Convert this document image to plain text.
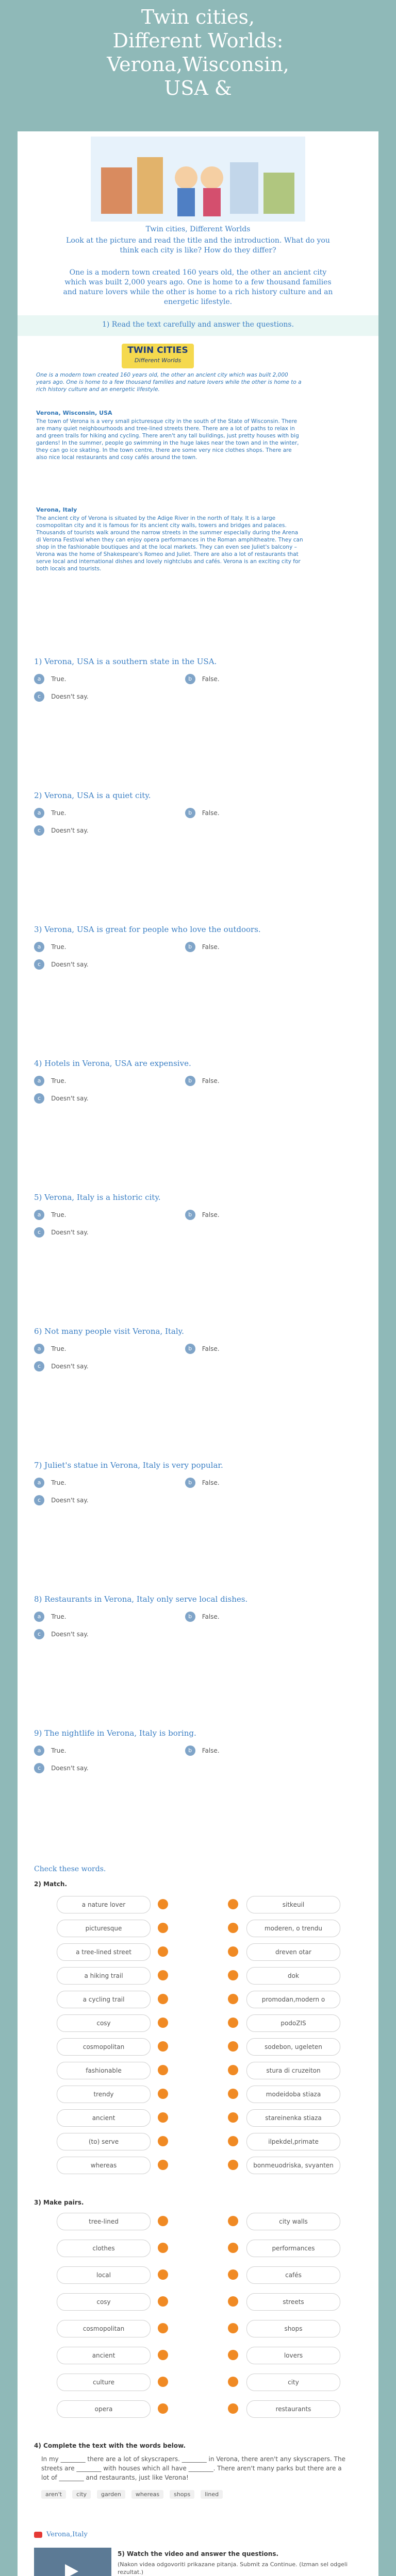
Twin cities,
Different Worlds:
Verona,Wisconsin,
USA &
Twin cities, Different Worlds
Look at the picture and read the title and the introduction. What do you think each city is like? How do they differ?
One is a modern town created 160 years old, the other an ancient city which was built 2,000 years ago. One is home to a few thousand families and nature lovers while the other is home to a rich history culture and an energetic lifestyle.
1) Read the text carefully and answer the questions.
TWIN CITIES
Different Worlds
One is a modern town created 160 years old, the other an ancient city which was built 2,000 years ago. One is home to a few thousand families and nature lovers while the other is home to a rich history culture and an energetic lifestyle.
Verona, Wisconsin, USA
The town of Verona is a very small picturesque city in the south of the State of Wisconsin. There are many quiet neighbourhoods and tree-lined streets there. There are a lot of paths to relax in and green trails for hiking and cycling. There aren't any tall buildings, just pretty houses with big gardens! In the summer, people go swimming in the huge lakes near the town and in the winter, they can go ice skating. In the town centre, there are some very nice clothes shops. There are also nice local restaurants and cosy cafés around the town.
Verona, Italy
The ancient city of Verona is situated by the Adige River in the north of Italy. It is a large cosmopolitan city and it is famous for its ancient city walls, towers and bridges and palaces. Thousands of tourists walk around the narrow streets in the summer especially during the Arena di Verona Festival when they can enjoy opera performances in the Roman amphitheatre. They can shop in the fashionable boutiques and at the local markets. They can even see Juliet's balcony – Verona was the home of Shakespeare's Romeo and Juliet. There are also a lot of restaurants that serve local and international dishes and lovely nightclubs and cafés. Verona is an exciting city for both locals and tourists.
1) Verona, USA is a southern state in the USA.
a True.	b False.
c Doesn't say.
2) Verona, USA is a quiet city.
a True.	b False.
c Doesn't say.
3) Verona, USA is great for people who love the outdoors.
a True.	b False.
c Doesn't say.
4) Hotels in Verona, USA are expensive.
a True.	b False.
c Doesn't say.
5) Verona, Italy is a historic city.
a True.	b False.
c Doesn't say.
6) Not many people visit Verona, Italy.
a True.	b False.
c Doesn't say.
7) Juliet's statue in Verona, Italy is very popular.
a True.	b False.
c Doesn't say.
8) Restaurants in Verona, Italy only serve local dishes.
a True.	b False.
c Doesn't say.
9) The nightlife in Verona, Italy is boring.
a True.	b False.
c Doesn't say.
Check these words.
2) Match.
a nature lover	sitkeuil
picturesque	moderen, o trendu
a tree-lined street	dreven otar
a hiking trail	dok
a cycling trail	promodan,modern o
cosy	podoZIS
cosmopolitan	sodebon, ugeleten
fashionable	stura di cruzeiton
trendy	modeidoba stiaza
ancient	stareinenka stiaza
(to) serve	ilpekdel,primate
whereas	bonmeuodriska, svyanten
3) Make pairs.
tree-lined	city walls
clothes	performances
local	cafés
cosy	streets
cosmopolitan	shops
ancient	lovers
culture	city
opera	restaurants
4) Complete the text with the words below.
In my ________ there are a lot of skyscrapers. ________ in Verona, there aren't any skyscrapers. The streets are ________ with houses which all have ________. There aren't many parks but there are a lot of ________ and restaurants, just like Verona!
aren't	city	garden	whereas	shops	lined
Verona,Italy
5) Watch the video and answer the questions.
(Nakon videa odgovoriti prikazane pitanja. Submit za Continue. (Izman sel odgeli rezultat.)
